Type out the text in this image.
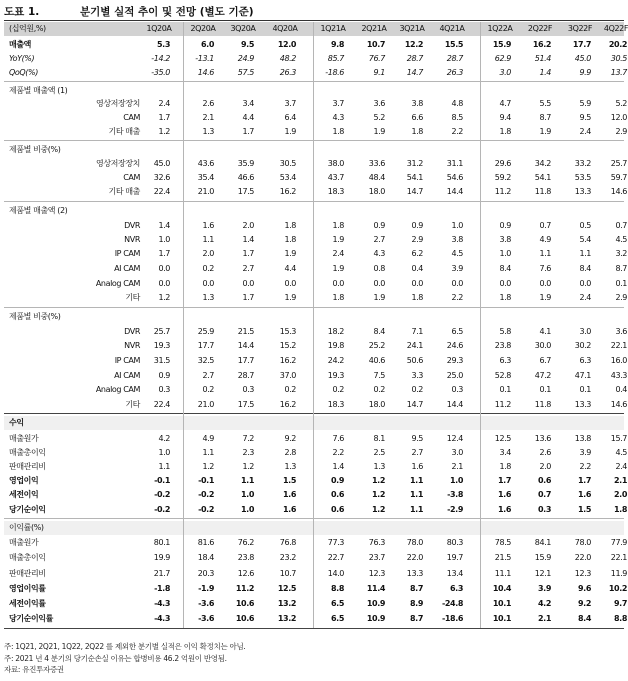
도표 1.	분기별 실적 추이 및 전망 (별도 기준)
(십억원,%)	1Q20A	2Q20A	3Q20A	4Q20A	1Q21A	2Q21A	3Q21A	4Q21A	1Q22A	2Q22F	3Q22F	4Q22F
매출액	5.3	6.0	9.5	12.0	9.8	10.7	12.2	15.5	15.9	16.2	17.7	20.2
YoY(%)	-14.2	-13.1	24.9	48.2	85.7	76.7	28.7	28.7	62.9	51.4	45.0	30.5
QoQ(%)	-35.0	14.6	57.5	26.3	-18.6	9.1	14.7	26.3	3.0	1.4	9.9	13.7
제품별 매출액 (1)
영상저장장치	2.4	2.6	3.4	3.7	3.7	3.6	3.8	4.8	4.7	5.5	5.9	5.2
CAM	1.7	2.1	4.4	6.4	4.3	5.2	6.6	8.5	9.4	8.7	9.5	12.0
기타 매출	1.2	1.3	1.7	1.9	1.8	1.9	1.8	2.2	1.8	1.9	2.4	2.9
제품별 비중(%)
영상저장장치	45.0	43.6	35.9	30.5	38.0	33.6	31.2	31.1	29.6	34.2	33.2	25.7
CAM	32.6	35.4	46.6	53.4	43.7	48.4	54.1	54.6	59.2	54.1	53.5	59.7
기타 매출	22.4	21.0	17.5	16.2	18.3	18.0	14.7	14.4	11.2	11.8	13.3	14.6
제품별 매출액 (2)
DVR	1.4	1.6	2.0	1.8	1.8	0.9	0.9	1.0	0.9	0.7	0.5	0.7
NVR	1.0	1.1	1.4	1.8	1.9	2.7	2.9	3.8	3.8	4.9	5.4	4.5
IP CAM	1.7	2.0	1.7	1.9	2.4	4.3	6.2	4.5	1.0	1.1	1.1	3.2
AI CAM	0.0	0.2	2.7	4.4	1.9	0.8	0.4	3.9	8.4	7.6	8.4	8.7
Analog CAM	0.0	0.0	0.0	0.0	0.0	0.0	0.0	0.0	0.0	0.0	0.0	0.1
기타	1.2	1.3	1.7	1.9	1.8	1.9	1.8	2.2	1.8	1.9	2.4	2.9
제품별 비중(%)
DVR	25.7	25.9	21.5	15.3	18.2	8.4	7.1	6.5	5.8	4.1	3.0	3.6
NVR	19.3	17.7	14.4	15.2	19.8	25.2	24.1	24.6	23.8	30.0	30.2	22.1
IP CAM	31.5	32.5	17.7	16.2	24.2	40.6	50.6	29.3	6.3	6.7	6.3	16.0
AI CAM	0.9	2.7	28.7	37.0	19.3	7.5	3.3	25.0	52.8	47.2	47.1	43.3
Analog CAM	0.3	0.2	0.3	0.2	0.2	0.2	0.2	0.3	0.1	0.1	0.1	0.4
기타	22.4	21.0	17.5	16.2	18.3	18.0	14.7	14.4	11.2	11.8	13.3	14.6
수익
매출원가	4.2	4.9	7.2	9.2	7.6	8.1	9.5	12.4	12.5	13.6	13.8	15.7
매출총이익	1.0	1.1	2.3	2.8	2.2	2.5	2.7	3.0	3.4	2.6	3.9	4.5
판매관리비	1.1	1.2	1.2	1.3	1.4	1.3	1.6	2.1	1.8	2.0	2.2	2.4
영업이익	-0.1	-0.1	1.1	1.5	0.9	1.2	1.1	1.0	1.7	0.6	1.7	2.1
세전이익	-0.2	-0.2	1.0	1.6	0.6	1.2	1.1	-3.8	1.6	0.7	1.6	2.0
당기순이익	-0.2	-0.2	1.0	1.6	0.6	1.2	1.1	-2.9	1.6	0.3	1.5	1.8
이익률(%)
매출원가	80.1	81.6	76.2	76.8	77.3	76.3	78.0	80.3	78.5	84.1	78.0	77.9
매출총이익	19.9	18.4	23.8	23.2	22.7	23.7	22.0	19.7	21.5	15.9	22.0	22.1
판매관리비	21.7	20.3	12.6	10.7	14.0	12.3	13.3	13.4	11.1	12.1	12.3	11.9
영업이익률	-1.8	-1.9	11.2	12.5	8.8	11.4	8.7	6.3	10.4	3.9	9.6	10.2
세전이익률	-4.3	-3.6	10.6	13.2	6.5	10.9	8.9	-24.8	10.1	4.2	9.2	9.7
당기순이익률	-4.3	-3.6	10.6	13.2	6.5	10.9	8.7	-18.6	10.1	2.1	8.4	8.8
주: 1Q21, 2Q21, 1Q22, 2Q22 를 제외한 분기별 실적은 이익 확정치는 아님.
주: 2021 년 4 분기의 당기순손실 이유는 합병비용 46.2 억원이 반영됨.
자료: 유진투자증권
